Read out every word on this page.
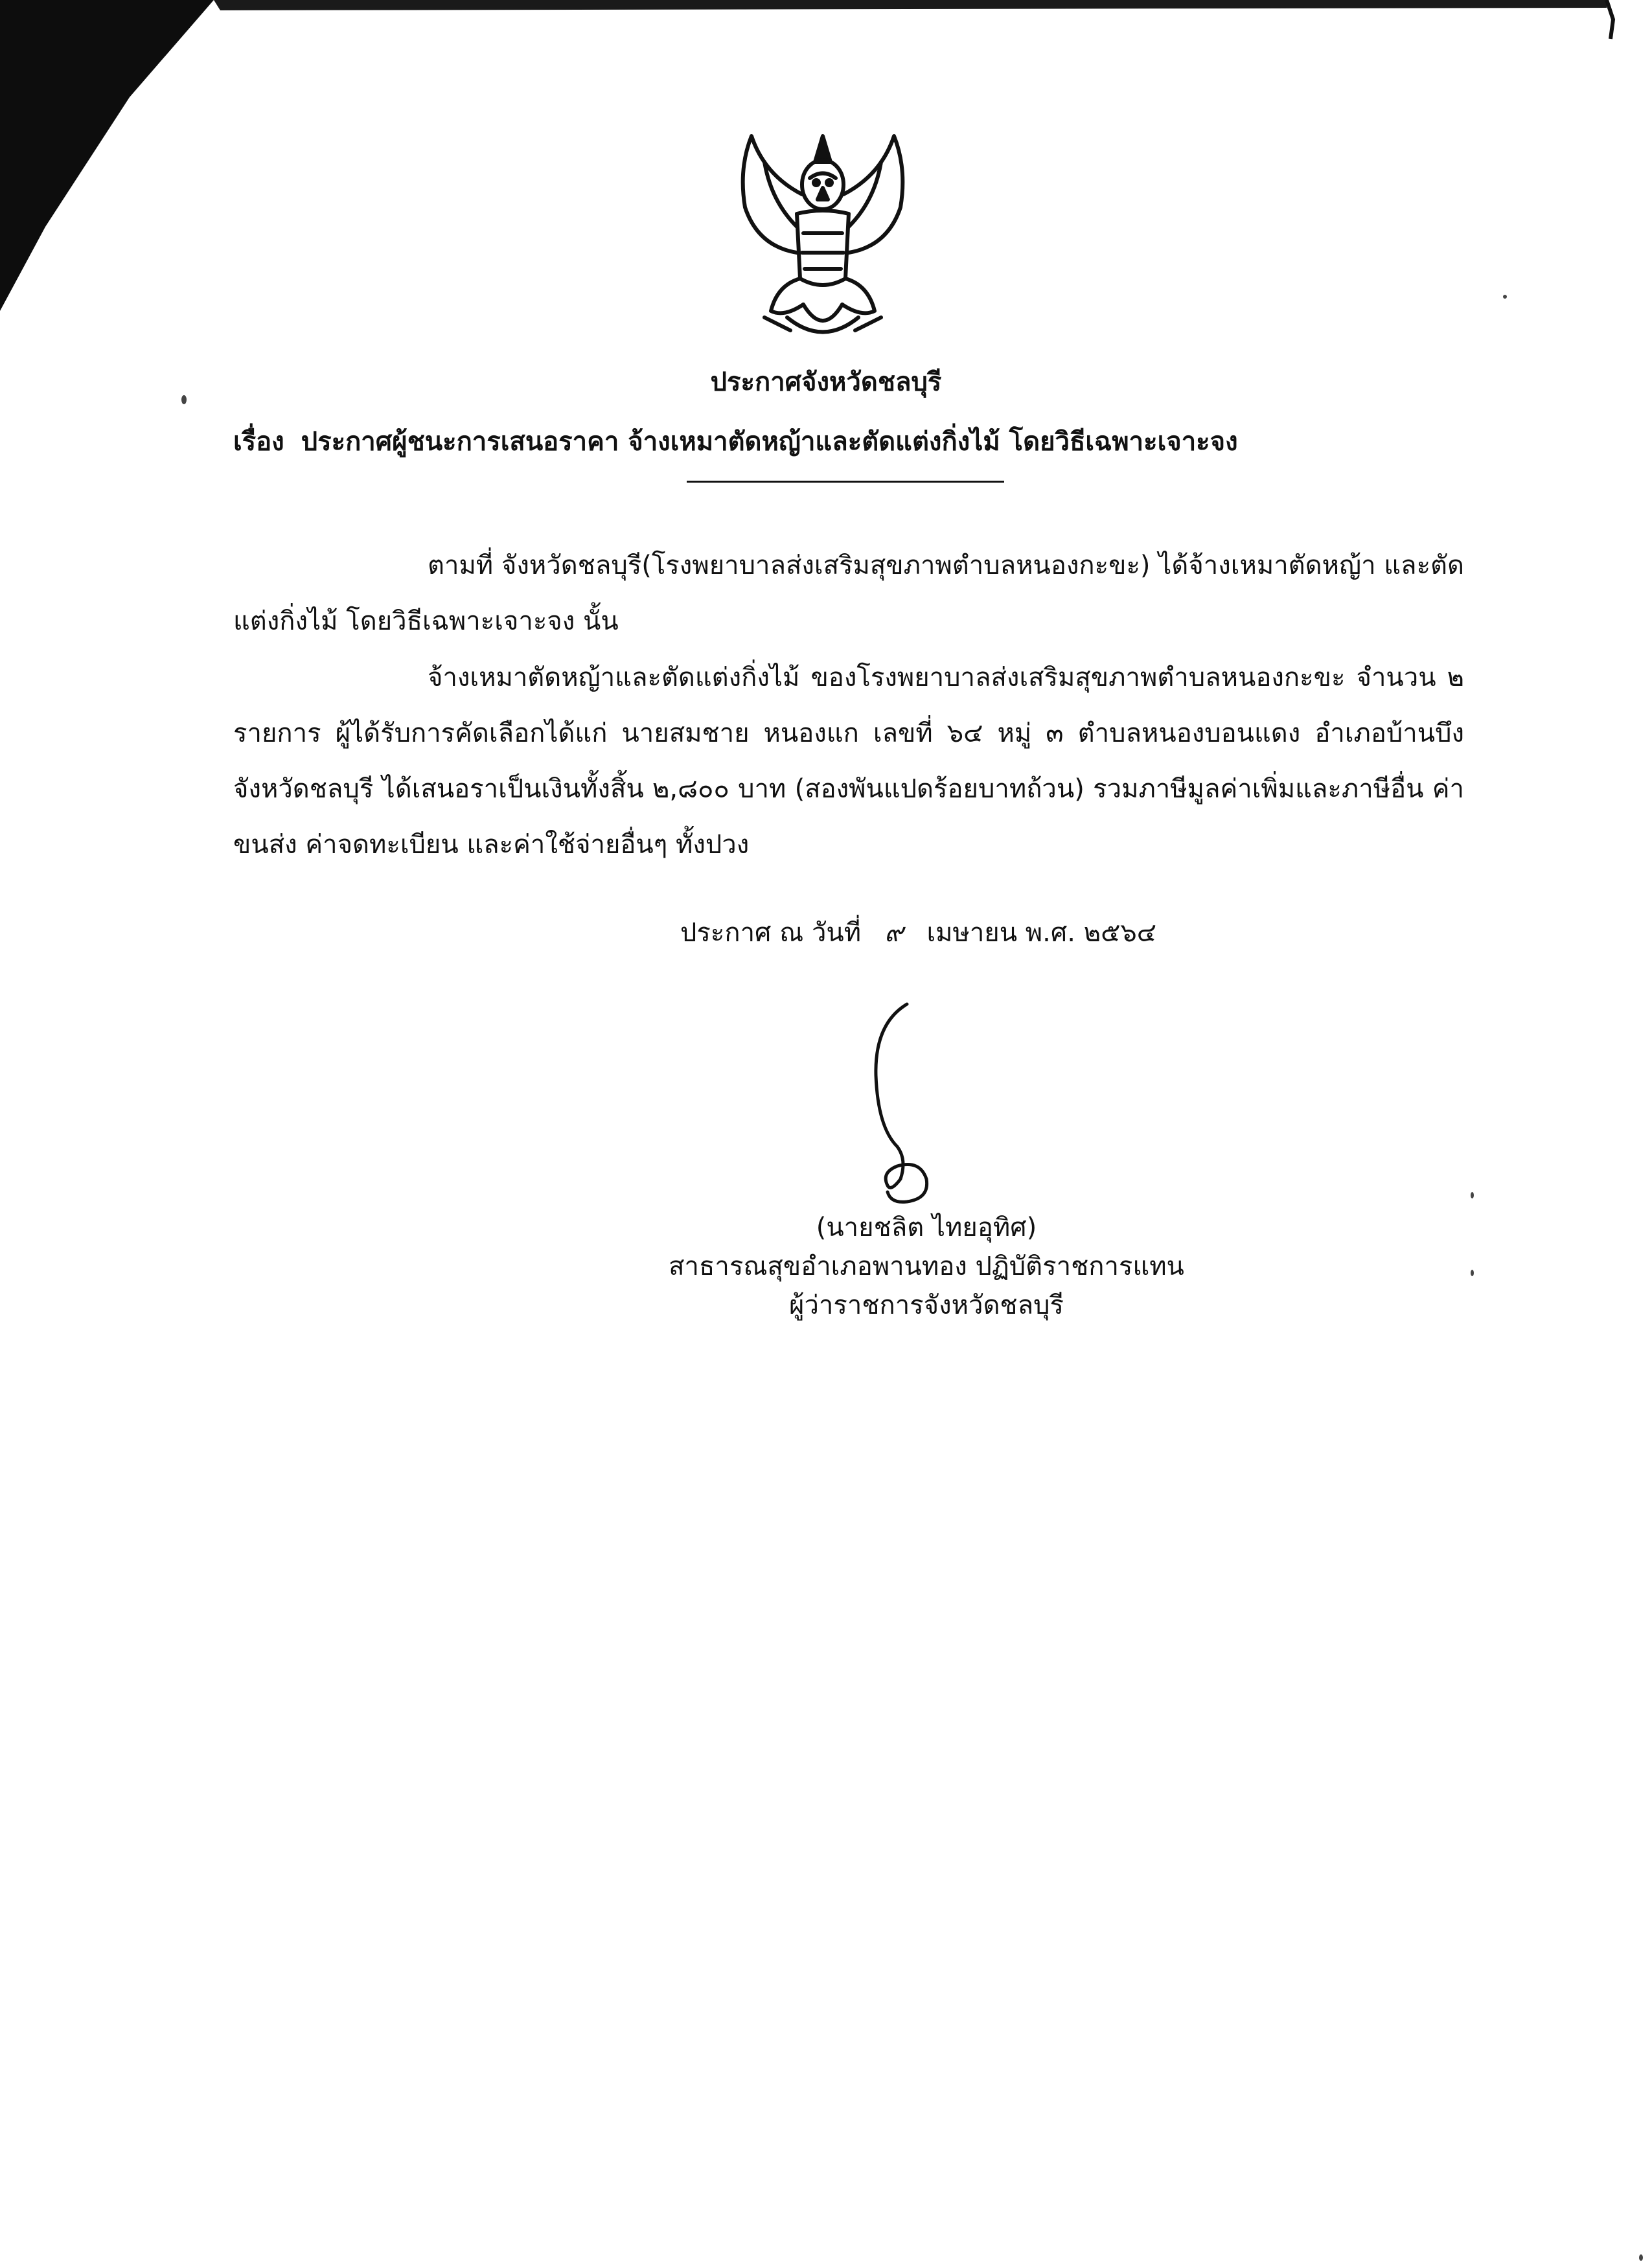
ประกาศจังหวัดชลบุรี
เรื่อง ประกาศผู้ชนะการเสนอราคา จ้างเหมาตัดหญ้าและตัดแต่งกิ่งไม้ โดยวิธีเฉพาะเจาะจง
ตามที่ จังหวัดชลบุรี(โรงพยาบาลส่งเสริมสุขภาพตำบลหนองกะขะ) ได้จ้างเหมาตัดหญ้า และตัดแต่งกิ่งไม้ โดยวิธีเฉพาะเจาะจง นั้น
จ้างเหมาตัดหญ้าและตัดแต่งกิ่งไม้ ของโรงพยาบาลส่งเสริมสุขภาพตำบลหนองกะขะ จำนวน ๒ รายการ ผู้ได้รับการคัดเลือกได้แก่ นายสมชาย หนองแก เลขที่ ๖๔ หมู่ ๓ ตำบลหนองบอนแดง อำเภอบ้านบึง จังหวัดชลบุรี ได้เสนอราเป็นเงินทั้งสิ้น ๒,๘๐๐ บาท (สองพันแปดร้อยบาทถ้วน) รวมภาษีมูลค่าเพิ่มและภาษีอื่น ค่าขนส่ง ค่าจดทะเบียน และค่าใช้จ่ายอื่นๆ ทั้งปวง
ประกาศ ณ วันที่ ๙ เมษายน พ.ศ. ๒๕๖๔
(นายชลิต ไทยอุทิศ)
สาธารณสุขอำเภอพานทอง ปฏิบัติราชการแทน
ผู้ว่าราชการจังหวัดชลบุรี
